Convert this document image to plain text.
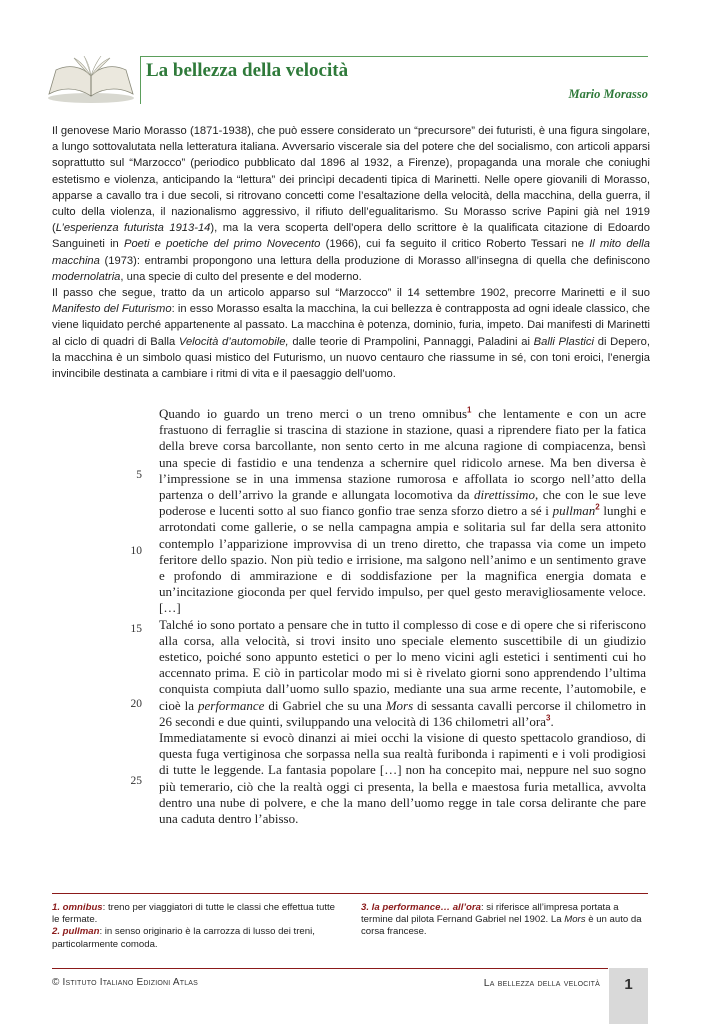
La bellezza della velocità
Mario Morasso

Il genovese Mario Morasso (1871-1938), che può essere considerato un “precursore” dei futuristi, è una figura singolare, a lungo sottovalutata nella letteratura italiana. Avversario viscerale sia del potere che del socialismo, con articoli apparsi soprattutto sul “Marzocco” (periodico pubblicato dal 1896 al 1932, a Firenze), propaganda una morale che coniughi estetismo e violenza, anticipando la “lettura” dei princìpi decadenti tipica di Marinetti. Nelle opere giovanili di Morasso, apparse a cavallo tra i due secoli, si ritrovano concetti come l’esaltazione della velocità, della macchina, della guerra, il culto della violenza, il nazionalismo aggressivo, il rifiuto dell’egualitarismo. Su Morasso scrive Papini già nel 1919 (L’esperienza futurista 1913-14), ma la vera scoperta dell’opera dello scrittore è la qualificata citazione di Edoardo Sanguineti in Poeti e poetiche del primo Novecento (1966), cui fa seguito il critico Roberto Tessari ne Il mito della macchina (1973): entrambi propongono una lettura della produzione di Morasso all’insegna di quella che definiscono modernolatria, una specie di culto del presente e del moderno.

Il passo che segue, tratto da un articolo apparso sul “Marzocco” il 14 settembre 1902, precorre Marinetti e il suo Manifesto del Futurismo: in esso Morasso esalta la macchina, la cui bellezza è contrapposta ad ogni ideale classico, che viene liquidato perché appartenente al passato. La macchina è potenza, dominio, furia, impeto. Dai manifesti di Marinetti al ciclo di quadri di Balla Velocità d’automobile, dalle teorie di Prampolini, Pannaggi, Paladini ai Balli Plastici di Depero, la macchina è un simbolo quasi mistico del Futurismo, un nuovo centauro che riassume in sé, con toni eroici, l’energia invincibile destinata a cambiare i ritmi di vita e il paesaggio dell’uomo.

Quando io guardo un treno merci o un treno omnibus$^1$ che lentamente e con un acre frastuono di ferraglie si trascina di stazione in stazione, quasi a riprendere fiato per la fatica della breve corsa barcollante, non sento certo in me alcuna ragione di compiacenza, bensì una specie di fastidio e una tendenza a schernire quel ridicolo arnese. Ma ben diversa è l’impressione se in una immensa stazione rumorosa e affollata io scorgo nell’atto della partenza o dell’arrivo la grande e allungata locomotiva da direttissimo, che con le sue leve poderose e lucenti sotto al suo fianco gonfio trae senza sforzo dietro a sé i pullman$^2$ lunghi e arrotondati come gallerie, o se nella campagna ampia e solitaria sul far della sera attonito contemplo l’apparizione improvvisa di un treno diretto, che trapassa via come un impeto feritore dello spazio. Non più tedio e irrisione, ma salgono nell’animo e un sentimento grave e profondo di ammirazione e di soddisfazione per la magnifica energia domata e un’incitazione gioconda per quel fervido impulso, per quel gesto meravigliosamente veloce. […]

Talché io sono portato a pensare che in tutto il complesso di cose e di opere che si riferiscono alla corsa, alla velocità, si trovi insito uno speciale elemento suscettibile di un giudizio estetico, poiché sono appunto estetici o per lo meno vicini agli estetici i sentimenti cui ho accennato prima. E ciò in particolar modo mi si è rivelato giorni sono apprendendo l’ultima conquista compiuta dall’uomo sullo spazio, mediante una sua arme recente, l’automobile, e cioè la performance di Gabriel che su una Mors di sessanta cavalli percorse il chilometro in 26 secondi e due quinti, sviluppando una velocità di 136 chilometri all’ora$^3$.

Immediatamente si evocò dinanzi ai miei occhi la visione di questo spettacolo grandioso, di questa fuga vertiginosa che sorpassa nella sua realtà furibonda i rapimenti e i voli prodigiosi di tutte le leggende. La fantasia popolare […] non ha concepito mai, neppure nel suo sogno più temerario, ciò che la realtà oggi ci presenta, la bella e maestosa furia metallica, avvolta dentro una nube di polvere, e che la mano dell’uomo regge in tale corsa delirante che pare una caduta dentro l’abisso.

5
10
15
20
25

1. omnibus: treno per viaggiatori di tutte le classi che effettua tutte le fermate.

2. pullman: in senso originario è la carrozza di lusso dei treni, particolarmente comoda.

3. la performance… all’ora: si riferisce all’impresa portata a termine dal pilota Fernand Gabriel nel 1902. La Mors è un auto da corsa francese.

© Istituto Italiano Edizioni Atlas	La bellezza della velocità	1
